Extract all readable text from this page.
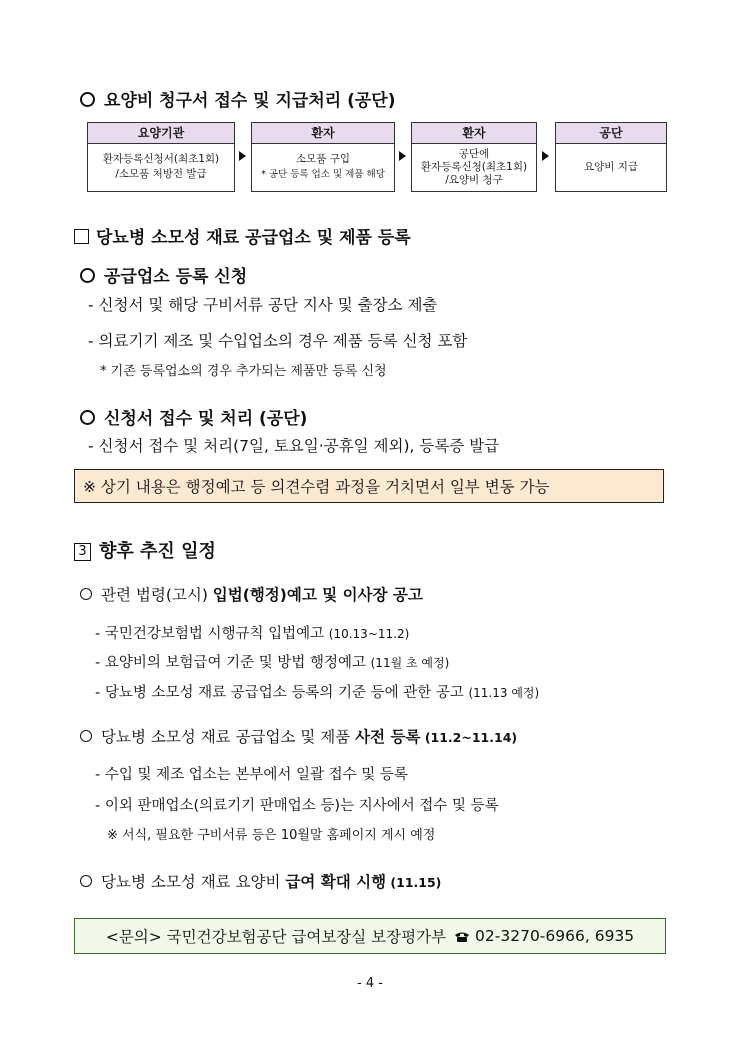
요양비 청구서 접수 및 지급처리 (공단)
요양기관
환자등록신청서(최초1회)
/소모품 처방전 발급
환자
소모품 구입
* 공단 등록 업소 및 제품 해당
환자
공단에
환자등록신청(최초1회)
/요양비 청구
공단
요양비 지급
당뇨병 소모성 재료 공급업소 및 제품 등록
공급업소 등록 신청
- 신청서 및 해당 구비서류 공단 지사 및 출장소 제출
- 의료기기 제조 및 수입업소의 경우 제품 등록 신청 포함
* 기존 등록업소의 경우 추가되는 제품만 등록 신청
신청서 접수 및 처리 (공단)
- 신청서 접수 및 처리(7일, 토요일·공휴일 제외), 등록증 발급
※ 상기 내용은 행정예고 등 의견수렴 과정을 거치면서 일부 변동 가능
3 향후 추진 일정
관련 법령(고시) 입법(행정)예고 및 이사장 공고
- 국민건강보험법 시행규칙 입법예고 (10.13~11.2)
- 요양비의 보험급여 기준 및 방법 행정예고 (11월 초 예정)
- 당뇨병 소모성 재료 공급업소 등록의 기준 등에 관한 공고 (11.13 예정)
당뇨병 소모성 재료 공급업소 및 제품 사전 등록 (11.2~11.14)
- 수입 및 제조 업소는 본부에서 일괄 접수 및 등록
- 이외 판매업소(의료기기 판매업소 등)는 지사에서 접수 및 등록
※ 서식, 필요한 구비서류 등은 10월말 홈페이지 게시 예정
당뇨병 소모성 재료 요양비 급여 확대 시행 (11.15)
<문의> 국민건강보험공단 급여보장실 보장평가부 02-3270-6966, 6935
- 4 -
